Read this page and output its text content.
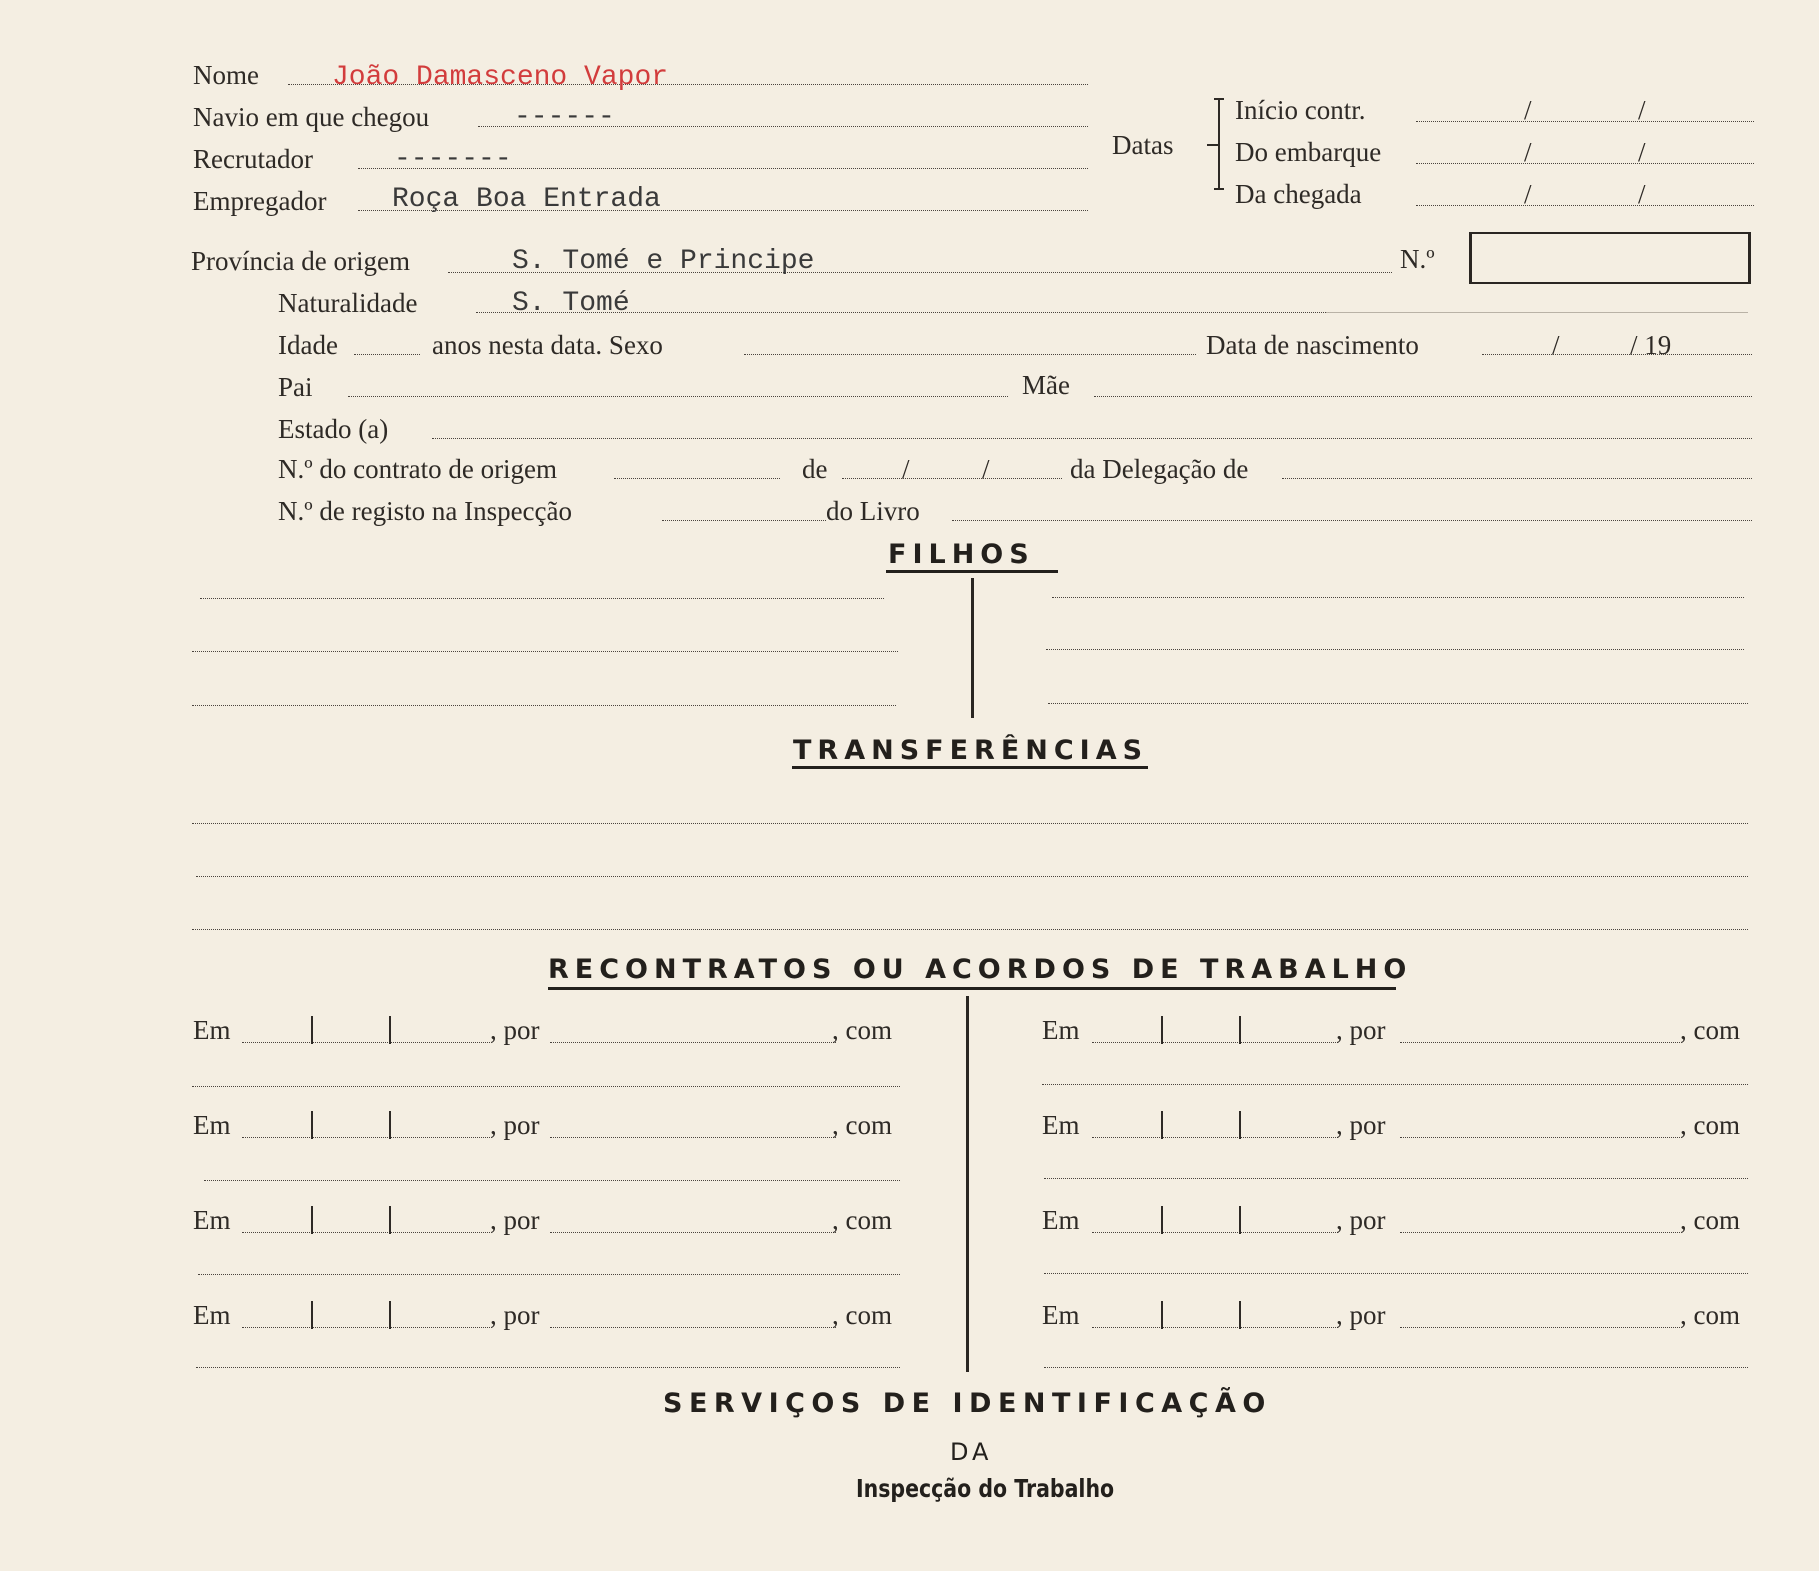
Nome	João Damasceno Vapor
Navio em que chegou	------
Recrutador	-------
Empregador Roça Boa Entrada
Datas
Início contr.	/	/
Do embarque	/	/
Da chegada	/	/
Província de origem	S. Tomé e Principe	N.º
Naturalidade	S. Tomé
Idade	anos nesta data. Sexo	Data de nascimento	/	/ 19
Pai	Mãe
Estado (a)
N.º do contrato de origem	de	/	/	da Delegação de
N.º de registo na Inspecção	do Livro
FILHOS
TRANSFERÊNCIAS
RECONTRATOS OU ACORDOS DE TRABALHO
Em	, por	, com	Em	, por	, com
Em	, por	, com	Em	, por	, com
Em	, por	, com	Em	, por	, com
Em	, por	, com	Em	, por	, com
SERVIÇOS DE IDENTIFICAÇÃO
DA
Inspecção do Trabalho
